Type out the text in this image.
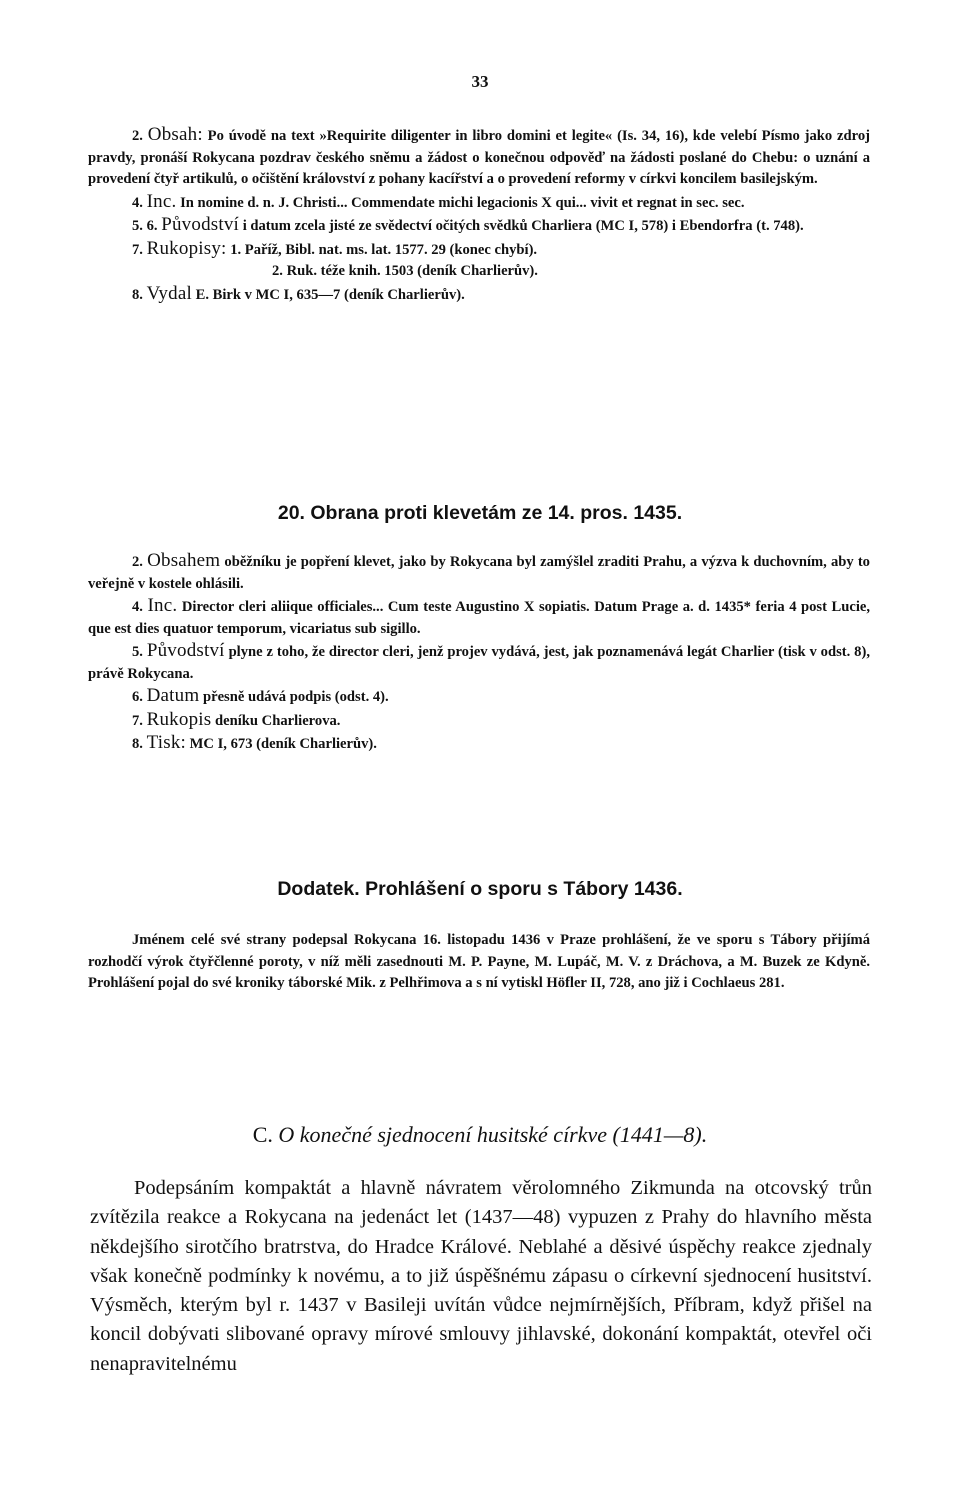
33

2. Obsah: Po úvodě na text »Requirite diligenter in libro domini et legite« (Is. 34, 16), kde velebí Písmo jako zdroj pravdy, pronáší Rokycana pozdrav českého sněmu a žádost o konečnou odpověď na žádosti poslané do Chebu: o uznání a provedení čtyř artikulů, o očištění království z pohany kacířství a o provedení reformy v církvi koncilem basilejským.

4. Inc. In nomine d. n. J. Christi... Commendate michi legacionis X qui... vivit et regnat in sec. sec.

5. 6. Původství i datum zcela jisté ze svědectví očitých svědků Charliera (MC I, 578) i Ebendorfra (t. 748).

7. Rukopisy: 1. Paříž, Bibl. nat. ms. lat. 1577. 29 (konec chybí).

2. Ruk. téže knih. 1503 (deník Charlierův).

8. Vydal E. Birk v MC I, 635—7 (deník Charlierův).

20. Obrana proti klevetám ze 14. pros. 1435.

2. Obsahem oběžníku je popření klevet, jako by Rokycana byl zamýšlel zraditi Prahu, a výzva k duchovním, aby to veřejně v kostele ohlásili.

4. Inc. Director cleri aliique officiales... Cum teste Augustino X sopiatis. Datum Prage a. d. 1435* feria 4 post Lucie, que est dies quatuor temporum, vicariatus sub sigillo.

5. Původství plyne z toho, že director cleri, jenž projev vydává, jest, jak poznamenává legát Charlier (tisk v odst. 8), právě Rokycana.

6. Datum přesně udává podpis (odst. 4).

7. Rukopis deníku Charlierova.

8. Tisk: MC I, 673 (deník Charlierův).

Dodatek. Prohlášení o sporu s Tábory 1436.

Jménem celé své strany podepsal Rokycana 16. listopadu 1436 v Praze prohlášení, že ve sporu s Tábory přijímá rozhodčí výrok čtyřčlenné poroty, v níž měli zasednouti M. P. Payne, M. Lupáč, M. V. z Dráchova, a M. Buzek ze Kdyně. Prohlášení pojal do své kroniky táborské Mik. z Pelhřimova a s ní vytiskl Höfler II, 728, ano již i Cochlaeus 281.

C. O konečné sjednocení husitské církve (1441—8).

Podepsáním kompaktát a hlavně návratem věrolomného Zikmunda na otcovský trůn zvítězila reakce a Rokycana na jedenáct let (1437—48) vypuzen z Prahy do hlavního města někdejšího sirotčího bratrstva, do Hradce Králové. Neblahé a děsivé úspěchy reakce zjednaly však konečně podmínky k novému, a to již úspěšnému zápasu o církevní sjednocení husitství. Výsměch, kterým byl r. 1437 v Basileji uvítán vůdce nejmírnějších, Příbram, když přišel na koncil dobývati slibované opravy mírové smlouvy jihlavské, dokonání kompaktát, otevřel oči nenapravitelnému
